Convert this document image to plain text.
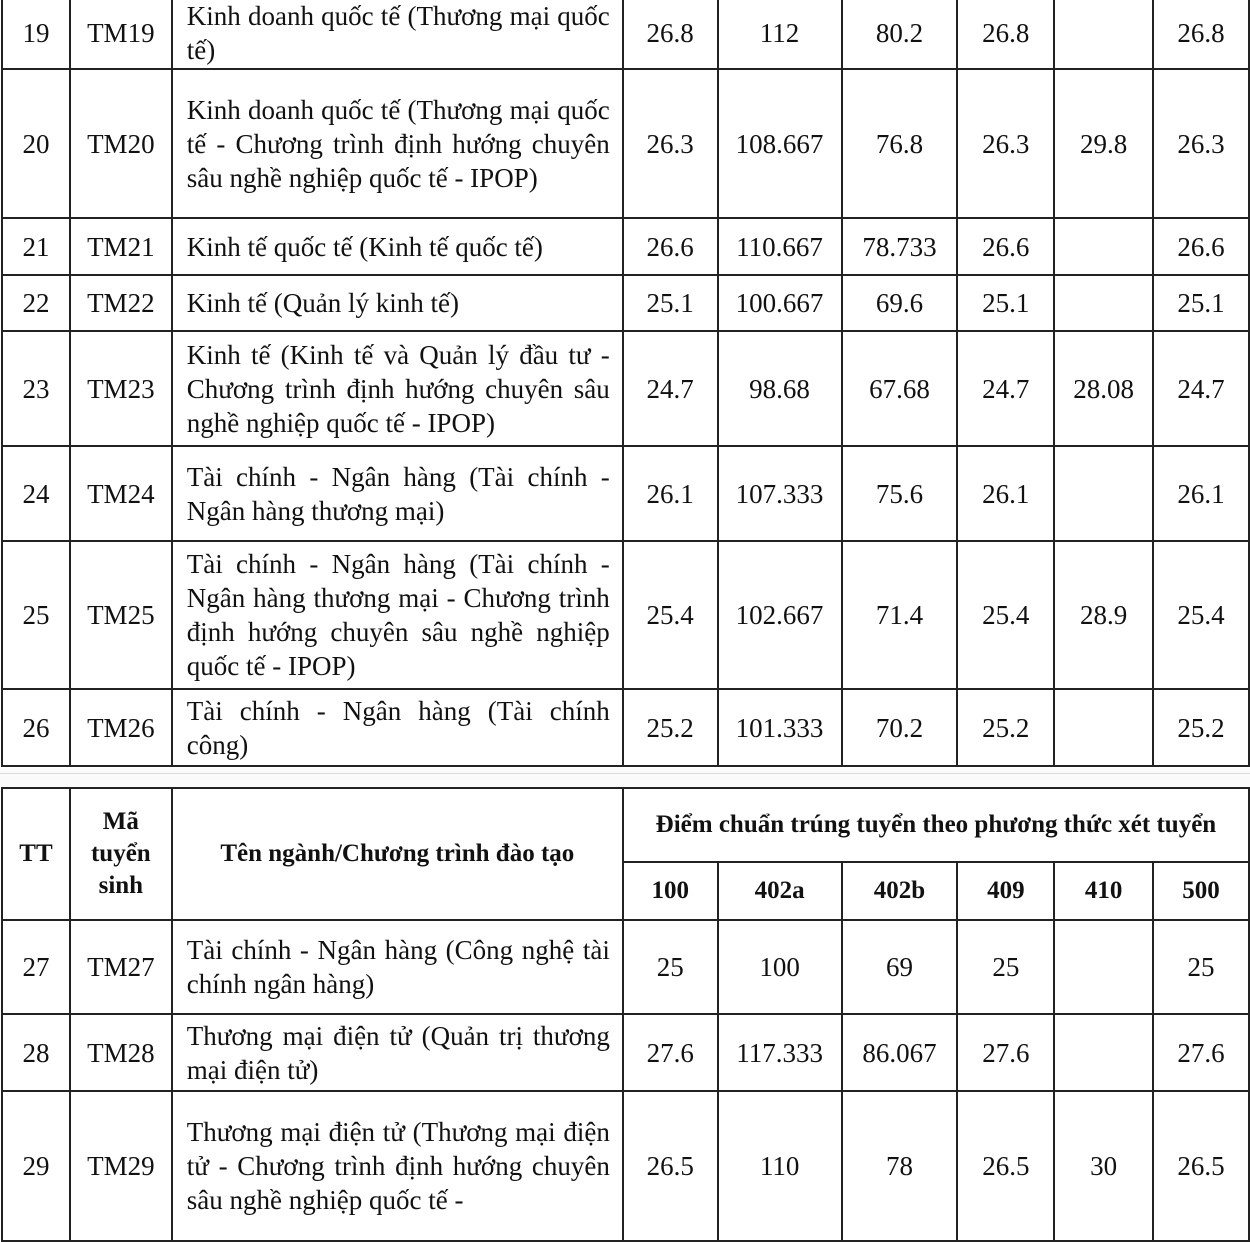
19	TM19	Kinh doanh quốc tế (Thương mại quốc tế)	26.8	112	80.2	26.8		26.8
20	TM20	Kinh doanh quốc tế (Thương mại quốc tế - Chương trình định hướng chuyên sâu nghề nghiệp quốc tế - IPOP)	26.3	108.667	76.8	26.3	29.8	26.3
21	TM21	Kinh tế quốc tế (Kinh tế quốc tế)	26.6	110.667	78.733	26.6		26.6
22	TM22	Kinh tế (Quản lý kinh tế)	25.1	100.667	69.6	25.1		25.1
23	TM23	Kinh tế (Kinh tế và Quản lý đầu tư - Chương trình định hướng chuyên sâu nghề nghiệp quốc tế - IPOP)	24.7	98.68	67.68	24.7	28.08	24.7
24	TM24	Tài chính - Ngân hàng (Tài chính - Ngân hàng thương mại)	26.1	107.333	75.6	26.1		26.1
25	TM25	Tài chính - Ngân hàng (Tài chính - Ngân hàng thương mại - Chương trình định hướng chuyên sâu nghề nghiệp quốc tế - IPOP)	25.4	102.667	71.4	25.4	28.9	25.4
26	TM26	Tài chính - Ngân hàng (Tài chính công)	25.2	101.333	70.2	25.2		25.2
TT	Mã tuyển sinh	Tên ngành/Chương trình đào tạo	Điểm chuẩn trúng tuyển theo phương thức xét tuyển					
			100	402a	402b	409	410	500
27	TM27	Tài chính - Ngân hàng (Công nghệ tài chính ngân hàng)	25	100	69	25		25
28	TM28	Thương mại điện tử (Quản trị thương mại điện tử)	27.6	117.333	86.067	27.6		27.6
29	TM29	Thương mại điện tử (Thương mại điện tử - Chương trình định hướng chuyên sâu nghề nghiệp quốc tế -	26.5	110	78	26.5	30	26.5
